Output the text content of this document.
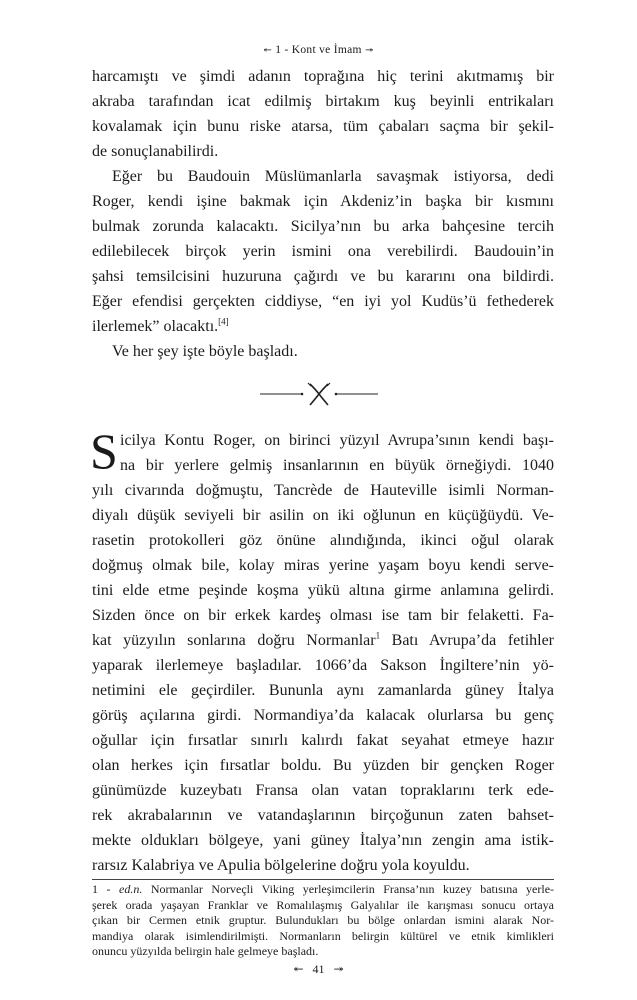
↞ 1 - Kont ve İmam ↠
harcamıştı ve şimdi adanın toprağına hiç terini akıtmamış bir
akraba tarafından icat edilmiş birtakım kuş beyinli entrikaları
kovalamak için bunu riske atarsa, tüm çabaları saçma bir şekil-
de sonuçlanabilirdi.
Eğer bu Baudouin Müslümanlarla savaşmak istiyorsa, dedi
Roger, kendi işine bakmak için Akdeniz’in başka bir kısmını
bulmak zorunda kalacaktı. Sicilya’nın bu arka bahçesine tercih
edilebilecek birçok yerin ismini ona verebilirdi. Baudouin’in
şahsi temsilcisini huzuruna çağırdı ve bu kararını ona bildirdi.
Eğer efendisi gerçekten ciddiyse, “en iyi yol Kudüs’ü fethederek
ilerlemek” olacaktı.[4]
Ve her şey işte böyle başladı.
S icilya Kontu Roger, on birinci yüzyıl Avrupa’sının kendi başı-
na bir yerlere gelmiş insanlarının en büyük örneğiydi. 1040
yılı civarında doğmuştu, Tancrède de Hauteville isimli Norman-
diyalı düşük seviyeli bir asilin on iki oğlunun en küçüğüydü. Ve-
rasetin protokolleri göz önüne alındığında, ikinci oğul olarak
doğmuş olmak bile, kolay miras yerine yaşam boyu kendi serve-
tini elde etme peşinde koşma yükü altına girme anlamına gelirdi.
Sizden önce on bir erkek kardeş olması ise tam bir felaketti. Fa-
kat yüzyılın sonlarına doğru Normanlar$^1$ Batı Avrupa’da fetihler
yaparak ilerlemeye başladılar. 1066’da Sakson İngiltere’nin yö-
netimini ele geçirdiler. Bununla aynı zamanlarda güney İtalya
görüş açılarına girdi. Normandiya’da kalacak olurlarsa bu genç
oğullar için fırsatlar sınırlı kalırdı fakat seyahat etmeye hazır
olan herkes için fırsatlar boldu. Bu yüzden bir gençken Roger
günümüzde kuzeybatı Fransa olan vatan topraklarını terk ede-
rek akrabalarının ve vatandaşlarının birçoğunun zaten bahset-
mekte oldukları bölgeye, yani güney İtalya’nın zengin ama istik-
rarsız Kalabriya ve Apulia bölgelerine doğru yola koyuldu.
1 - ed.n. Normanlar Norveçli Viking yerleşimcilerin Fransa’nın kuzey batısına yerle-
şerek orada yaşayan Franklar ve Romalılaşmış Galyalılar ile karışması sonucu ortaya
çıkan bir Cermen etnik gruptur. Bulundukları bu bölge onlardan ismini alarak Nor-
mandiya olarak isimlendirilmişti. Normanların belirgin kültürel ve etnik kimlikleri
onuncu yüzyılda belirgin hale gelmeye başladı.
↞ 41 ↠
